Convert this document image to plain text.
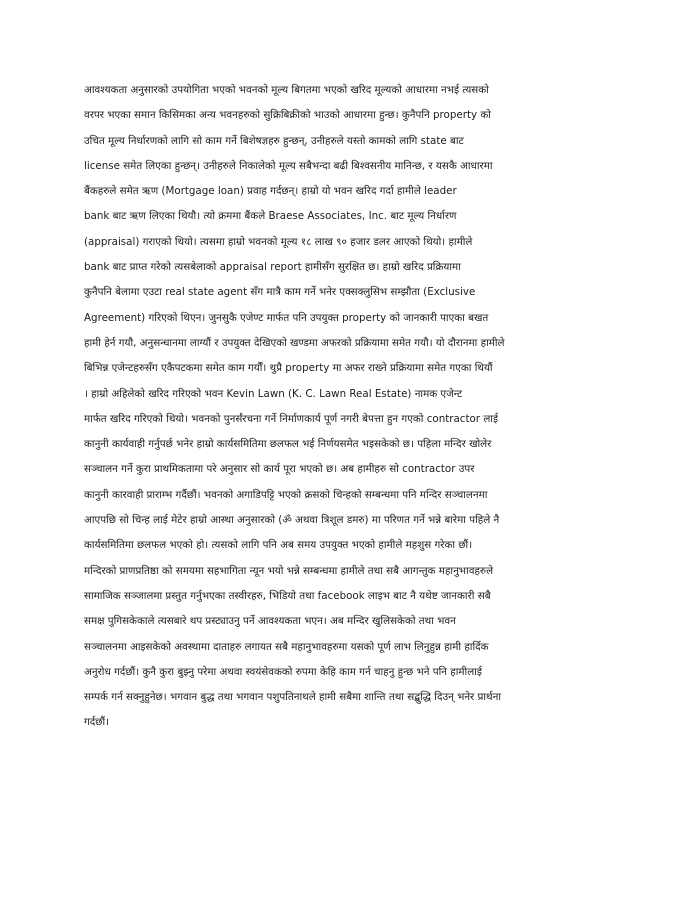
आवश्यकता अनुसारको उपयोगिता भएको भवनको मूल्य बिगतमा भएको खरिद मूल्यको आधारमा नभई त्यसको
वरपर भएका समान किसिमका अन्य भवनहरुको सुक्रिबिक्रीको भाउको आधारमा हुन्छ। कुनैपनि property को
उचित मूल्य निर्धारणको लागि सो काम गर्ने बिशेषज्ञहरु हुन्छन्, उनीहरुले यस्तो कामको लागि state बाट
license समेत लिएका हुन्छन्। उनीहरुले निकालेको मूल्य सबैभन्दा बढी बिश्वसनीय मानिन्छ, र यसकै आधारमा
बैंकहरुले समेत ऋण (Mortgage loan) प्रवाह गर्दछन्। हाम्रो यो भवन खरिद गर्दा हामीले leader
bank बाट ऋण लिएका थियौ। त्यो क्रममा बैंकले Braese Associates, Inc. बाट मूल्य निर्धारण
(appraisal) गराएको थियो। त्यसमा हाम्रो भवनको मूल्य १८ लाख ९० हजार डलर आएको थियो। हामीले
bank बाट प्राप्त गरेको त्यसबेलाको appraisal report हामीसँग सुरक्षित छ। हाम्रो खरिद प्रक्रियामा
कुनैपनि बेलामा एउटा real state agent सँग मात्रै काम गर्ने भनेर एक्सक्लुसिभ सम्झौता (Exclusive
Agreement) गरिएको थिएन। जुनसुकै एजेण्ट मार्फत पनि उपयुक्त property को जानकारी पाएका बखत
हामी हेर्न गयौ, अनुसन्धानमा लाग्यौं र उपयुक्त देखिएको खण्डमा अफरको प्रक्रियामा समेत गयौ। यो दौरानमा हामीले
बिभिन्न एजेन्टहरुसँग एकैपटकमा समेत काम गर्यौं। थुप्रै property मा अफर राख्ने प्रक्रियामा समेत गएका थियौं
। हाम्रो अहिलेको खरिद गरिएको भवन Kevin Lawn (K. C. Lawn Real Estate) नामक एजेन्ट
मार्फत खरिद गरिएको थियो। भवनको पुनर्संरचना गर्ने निर्माणकार्य पूर्ण नगरी बेपत्ता हुन गएको contractor लाई
कानुनी कार्यवाही गर्नुपर्छ भनेर हाम्रो कार्यसमितिमा छलफल भई निर्णयसमेत भइसकेको छ। पहिला मन्दिर खोलेर
सञ्चालन गर्ने कुरा प्राथमिकतामा परे अनुसार सो कार्य पूरा भएको छ। अब हामीहरु सो contractor उपर
कानुनी कारवाही प्राराम्भ गर्दैछौं। भवनको अगाडिपट्टि भएको क्रसको चिन्हको सम्बन्धमा पनि मन्दिर सञ्चालनमा
आएपछि सो चिन्ह लाई मेटेर हाम्रो आस्था अनुसारको (ॐ अथवा त्रिशूल डमरु) मा परिणत गर्ने भन्ने बारेमा पहिले नै
कार्यसमितिमा छलफल भएको हो। त्यसको लागि पनि अब समय उपयुक्त भएको हामीले महशुस गरेका छौं।
मन्दिरको प्राणप्रतिष्ठा को समयमा सहभागिता न्यून भयो भन्ने सम्बन्धमा हामीले तथा सबै आगन्तुक महानुभावहरुले
सामाजिक सञ्जालमा प्रस्तुत गर्नुभएका तस्वीरहरु, भिडियो तथा facebook लाइभ बाट नै यथेष्ट जानकारी सबै
समक्ष पुगिसकेकाले त्यसबारे थप प्रस्ट्याउनु पर्ने आवश्यकता भएन। अब मन्दिर खुलिसकेको तथा भवन
सञ्चालनमा आइसकेको अवस्थामा दाताहरु लगायत सबै महानुभावहरुमा यसको पूर्ण लाभ लिनुहुन्न हामी हार्दिक
अनुरोध गर्दछौं। कुनै कुरा बुझ्नु परेमा अथवा स्वयंसेवकको रुपमा केहि काम गर्न चाहनु हुन्छ भने पनि हामीलाई
सम्पर्क गर्न सक्नुहुनेछ। भगवान बुद्ध तथा भगवान पशुपतिनाथले हामी सबैमा शान्ति तथा सद्बुद्धि दिउन् भनेर प्रार्थना
गर्दछौं।
